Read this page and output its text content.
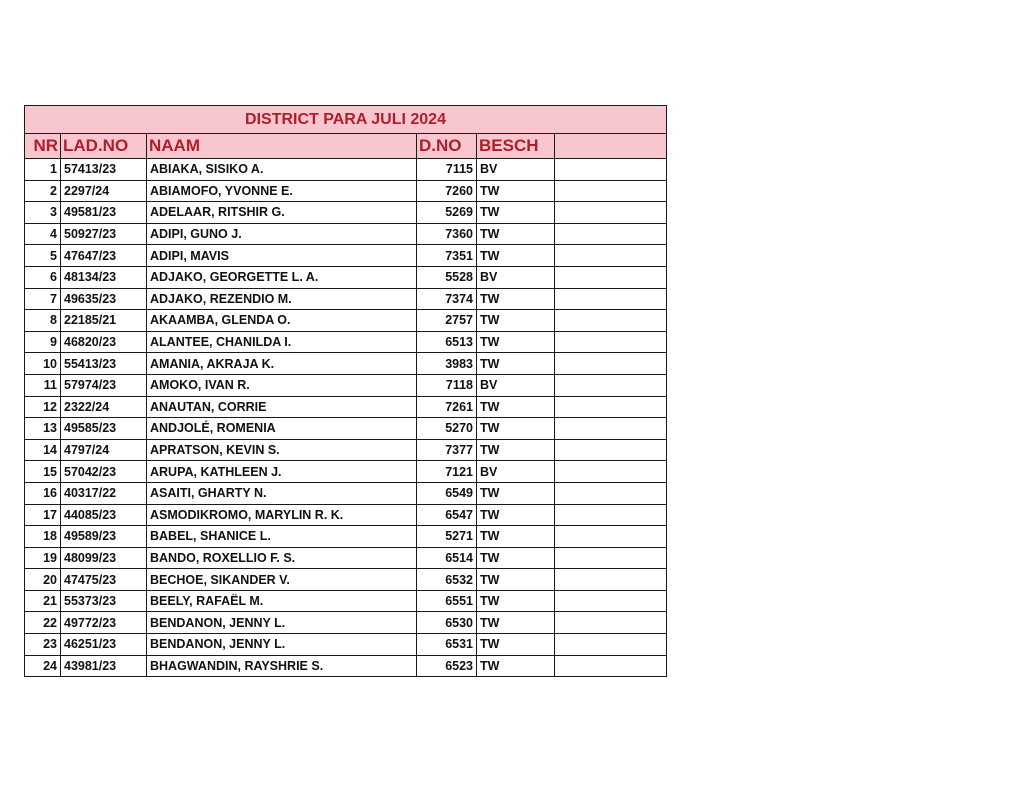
DISTRICT PARA JULI 2024					
NR	LAD.NO	NAAM	D.NO	BESCH	
1	57413/23	ABIAKA, SISIKO A.	7115	BV	
2	2297/24	ABIAMOFO, YVONNE E.	7260	TW	
3	49581/23	ADELAAR, RITSHIR G.	5269	TW	
4	50927/23	ADIPI, GUNO J.	7360	TW	
5	47647/23	ADIPI, MAVIS	7351	TW	
6	48134/23	ADJAKO, GEORGETTE L. A.	5528	BV	
7	49635/23	ADJAKO, REZENDIO M.	7374	TW	
8	22185/21	AKAAMBA, GLENDA O.	2757	TW	
9	46820/23	ALANTEE, CHANILDA I.	6513	TW	
10	55413/23	AMANIA, AKRAJA K.	3983	TW	
11	57974/23	AMOKO, IVAN R.	7118	BV	
12	2322/24	ANAUTAN, CORRIE	7261	TW	
13	49585/23	ANDJOLÉ, ROMENIA	5270	TW	
14	4797/24	APRATSON, KEVIN S.	7377	TW	
15	57042/23	ARUPA, KATHLEEN J.	7121	BV	
16	40317/22	ASAITI, GHARTY N.	6549	TW	
17	44085/23	ASMODIKROMO, MARYLIN R. K.	6547	TW	
18	49589/23	BABEL, SHANICE L.	5271	TW	
19	48099/23	BANDO, ROXELLIO F. S.	6514	TW	
20	47475/23	BECHOE, SIKANDER V.	6532	TW	
21	55373/23	BEELY, RAFAËL M.	6551	TW	
22	49772/23	BENDANON, JENNY L.	6530	TW	
23	46251/23	BENDANON, JENNY L.	6531	TW	
24	43981/23	BHAGWANDIN, RAYSHRIE S.	6523	TW	
